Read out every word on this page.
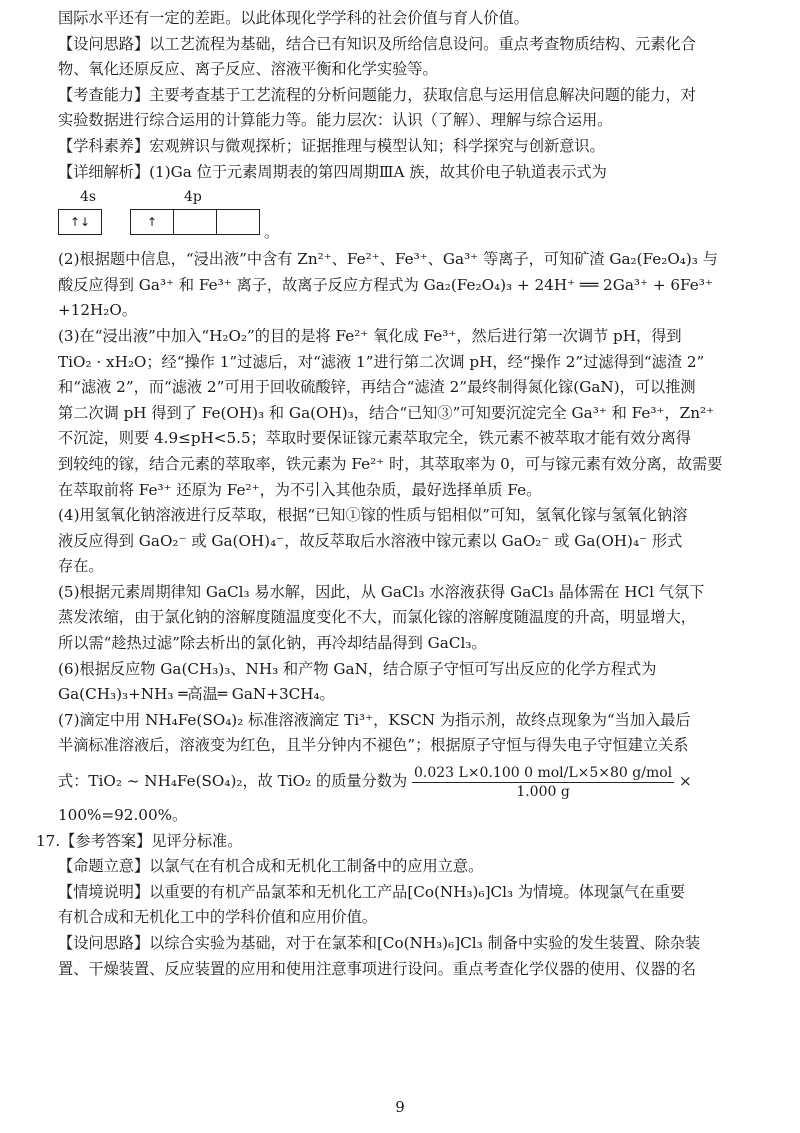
国际水平还有一定的差距。以此体现化学学科的社会价值与育人价值。
【设问思路】以工艺流程为基础，结合已有知识及所给信息设问。重点考查物质结构、元素化合
物、氧化还原反应、离子反应、溶液平衡和化学实验等。
【考查能力】主要考查基于工艺流程的分析问题能力，获取信息与运用信息解决问题的能力，对
实验数据进行综合运用的计算能力等。能力层次：认识（了解）、理解与综合运用。
【学科素养】宏观辨识与微观探析；证据推理与模型认知；科学探究与创新意识。
【详细解析】(1)Ga 位于元素周期表的第四周期ⅢA 族，故其价电子轨道表示式为
4s	4p
↑↓	↑
。
(2)根据题中信息，“浸出液”中含有 Zn²⁺、Fe²⁺、Fe³⁺、Ga³⁺ 等离子，可知矿渣 Ga₂(Fe₂O₄)₃ 与
酸反应得到 Ga³⁺ 和 Fe³⁺ 离子，故离子反应方程式为 Ga₂(Fe₂O₄)₃ + 24H⁺ ══ 2Ga³⁺ + 6Fe³⁺
+12H₂O。
(3)在“浸出液”中加入“H₂O₂”的目的是将 Fe²⁺ 氧化成 Fe³⁺，然后进行第一次调节 pH，得到
TiO₂ · xH₂O；经“操作 1”过滤后，对“滤液 1”进行第二次调 pH，经“操作 2”过滤得到“滤渣 2”
和“滤液 2”，而“滤液 2”可用于回收硫酸锌，再结合“滤渣 2”最终制得氮化镓(GaN)，可以推测
第二次调 pH 得到了 Fe(OH)₃ 和 Ga(OH)₃，结合“已知③”可知要沉淀完全 Ga³⁺ 和 Fe³⁺，Zn²⁺
不沉淀，则要 4.9≤pH<5.5；萃取时要保证镓元素萃取完全，铁元素不被萃取才能有效分离得
到较纯的镓，结合元素的萃取率，铁元素为 Fe²⁺ 时，其萃取率为 0，可与镓元素有效分离，故需要
在萃取前将 Fe³⁺ 还原为 Fe²⁺，为不引入其他杂质，最好选择单质 Fe。
(4)用氢氧化钠溶液进行反萃取，根据“已知①镓的性质与铝相似”可知，氢氧化镓与氢氧化钠溶
液反应得到 GaO₂⁻ 或 Ga(OH)₄⁻，故反萃取后水溶液中镓元素以 GaO₂⁻ 或 Ga(OH)₄⁻ 形式
存在。
(5)根据元素周期律知 GaCl₃ 易水解，因此，从 GaCl₃ 水溶液获得 GaCl₃ 晶体需在 HCl 气氛下
蒸发浓缩，由于氯化钠的溶解度随温度变化不大，而氯化镓的溶解度随温度的升高，明显增大，
所以需“趁热过滤”除去析出的氯化钠，再冷却结晶得到 GaCl₃。
(6)根据反应物 Ga(CH₃)₃、NH₃ 和产物 GaN，结合原子守恒可写出反应的化学方程式为
Ga(CH₃)₃+NH₃ ═高温═ GaN+3CH₄。
(7)滴定中用 NH₄Fe(SO₄)₂ 标准溶液滴定 Ti³⁺，KSCN 为指示剂，故终点现象为“当加入最后
半滴标准溶液后，溶液变为红色，且半分钟内不褪色”；根据原子守恒与得失电子守恒建立关系
式：TiO₂ ~ NH₄Fe(SO₄)₂，故 TiO₂ 的质量分数为 $\frac{\text{0.023 L×0.100 0 mol/L×5×80 g/mol}}{1.000 g}$ ×
100%=92.00%。
17.【参考答案】见评分标准。
【命题立意】以氯气在有机合成和无机化工制备中的应用立意。
【情境说明】以重要的有机产品氯苯和无机化工产品[Co(NH₃)₆]Cl₃ 为情境。体现氯气在重要
有机合成和无机化工中的学科价值和应用价值。
【设问思路】以综合实验为基础，对于在氯苯和[Co(NH₃)₆]Cl₃ 制备中实验的发生装置、除杂装
置、干燥装置、反应装置的应用和使用注意事项进行设问。重点考查化学仪器的使用、仪器的名
9
